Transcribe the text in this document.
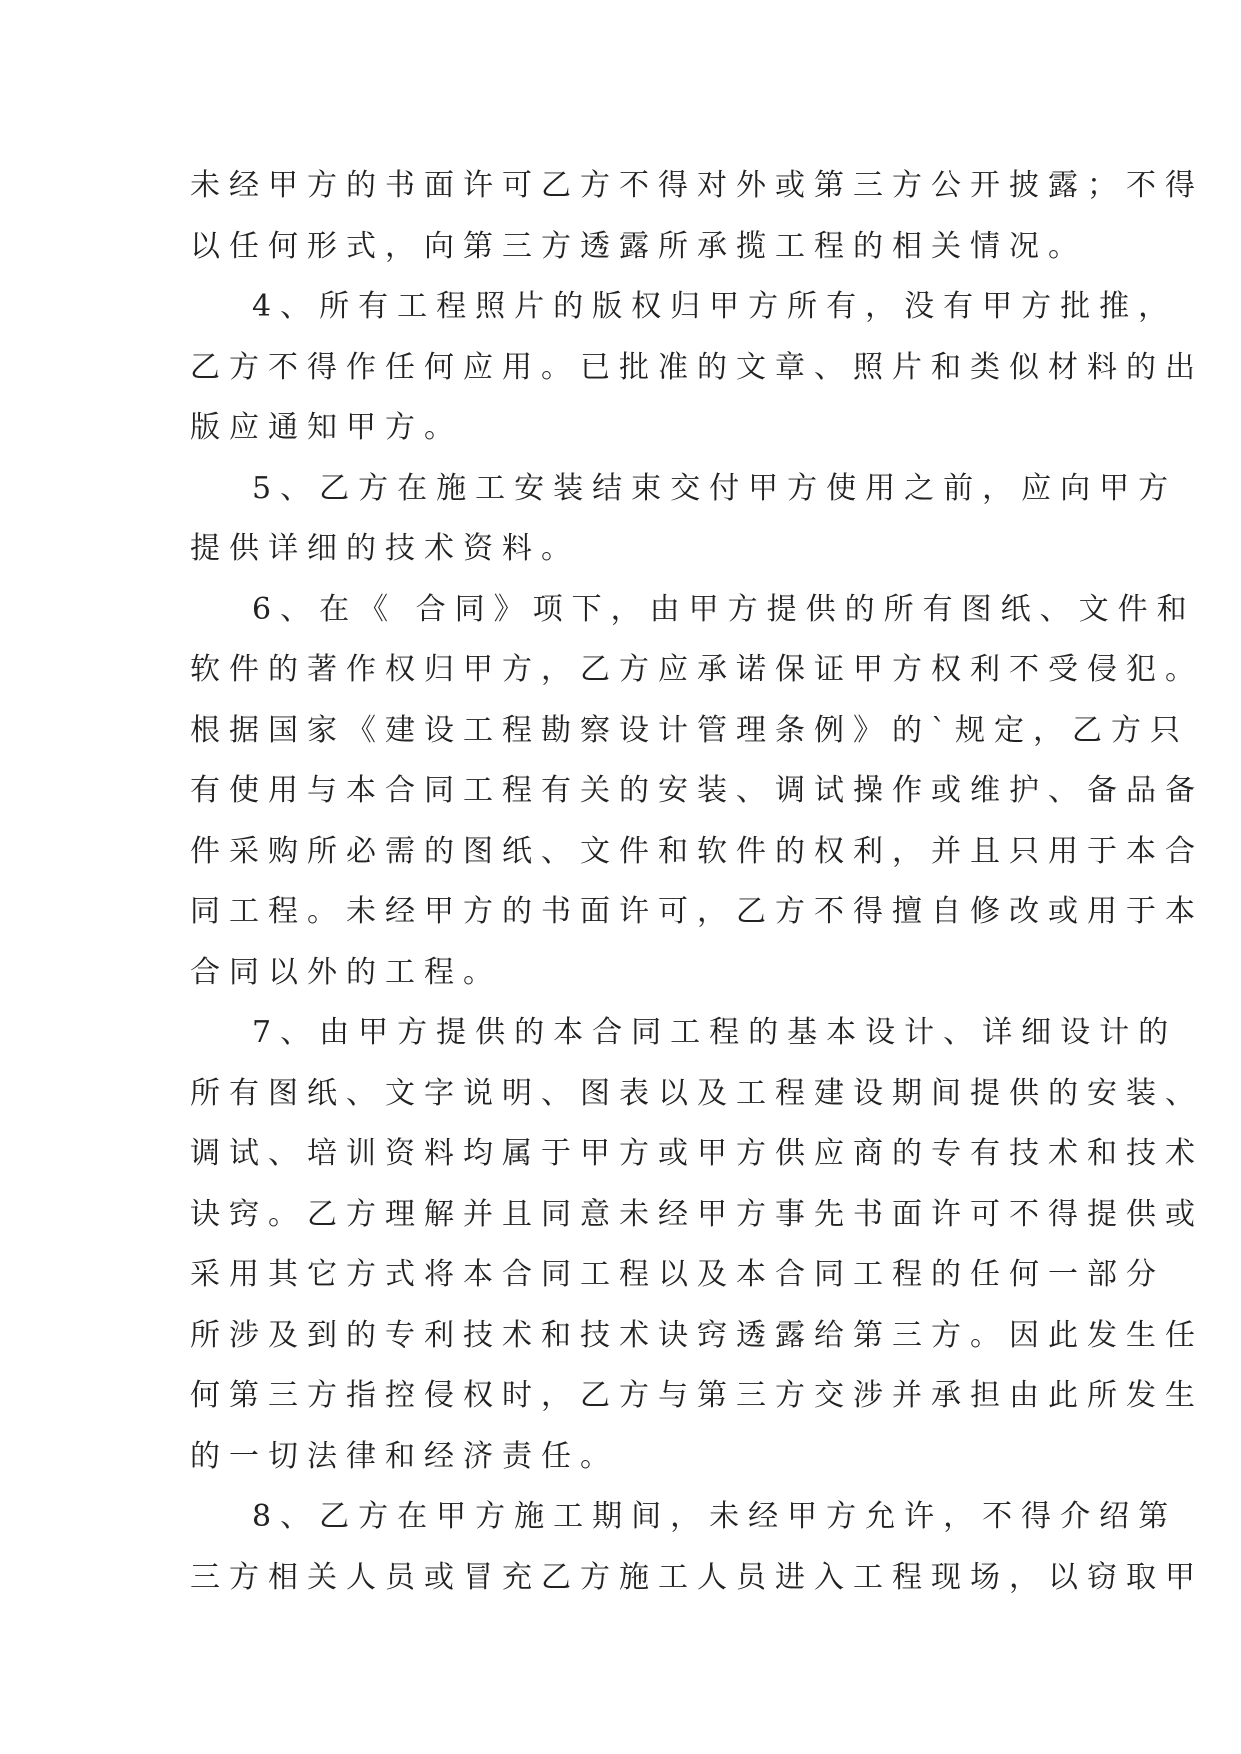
未经甲方的书面许可乙方不得对外或第三方公开披露；不得
以任何形式，向第三方透露所承揽工程的相关情况。
4、所有工程照片的版权归甲方所有，没有甲方批推，
乙方不得作任何应用。已批准的文章、照片和类似材料的出
版应通知甲方。
5、乙方在施工安装结束交付甲方使用之前，应向甲方
提供详细的技术资料。
6、在《 合同》项下，由甲方提供的所有图纸、文件和
软件的著作权归甲方，乙方应承诺保证甲方权利不受侵犯。
根据国家《建设工程勘察设计管理条例》的`规定，乙方只
有使用与本合同工程有关的安装、调试操作或维护、备品备
件采购所必需的图纸、文件和软件的权利，并且只用于本合
同工程。未经甲方的书面许可，乙方不得擅自修改或用于本
合同以外的工程。
7、由甲方提供的本合同工程的基本设计、详细设计的
所有图纸、文字说明、图表以及工程建设期间提供的安装、
调试、培训资料均属于甲方或甲方供应商的专有技术和技术
诀窍。乙方理解并且同意未经甲方事先书面许可不得提供或
采用其它方式将本合同工程以及本合同工程的任何一部分
所涉及到的专利技术和技术诀窍透露给第三方。因此发生任
何第三方指控侵权时，乙方与第三方交涉并承担由此所发生
的一切法律和经济责任。
8、乙方在甲方施工期间，未经甲方允许，不得介绍第
三方相关人员或冒充乙方施工人员进入工程现场，以窃取甲
